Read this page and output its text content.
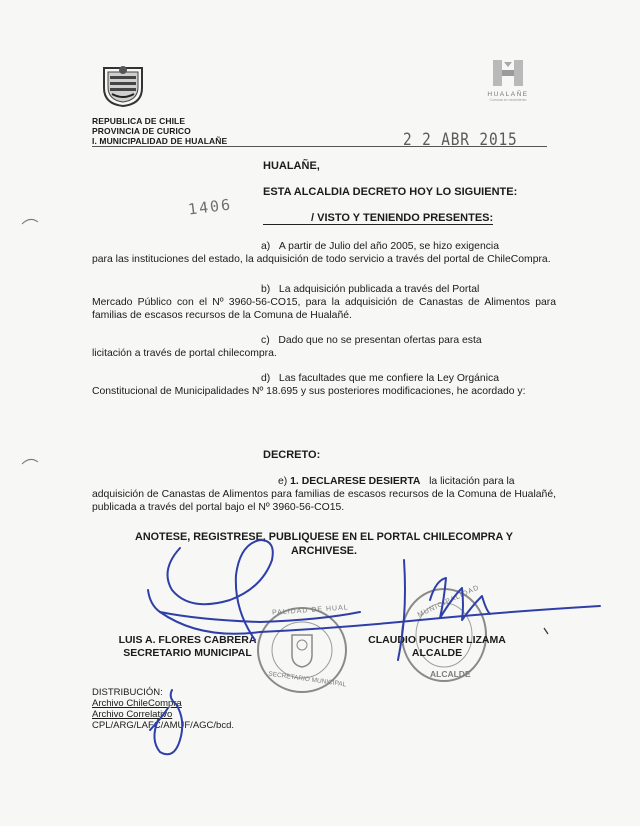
HUALAÑE
Comuna en movimiento
REPUBLICA DE CHILE
PROVINCIA DE CURICO
I. MUNICIPALIDAD DE HUALAÑE	2 2 ABR 2015
HUALAÑE,
ESTA ALCALDIA DECRETO HOY LO SIGUIENTE:
1406	/ VISTO Y TENIENDO PRESENTES:
a) A partir de Julio del año 2005, se hizo exigencia
para las instituciones del estado, la adquisición de todo servicio a través del portal de ChileCompra.
b) La adquisición publicada a través del Portal
Mercado Público con el Nº 3960-56-CO15, para la adquisición de Canastas de Alimentos para familias de escasos recursos de la Comuna de Hualañé.
c) Dado que no se presentan ofertas para esta
licitación a través de portal chilecompra.
d) Las facultades que me confiere la Ley Orgánica
Constitucional de Municipalidades Nº 18.695 y sus posteriores modificaciones, he acordado y:
DECRETO:
e) 1. DECLARESE DESIERTA la licitación para la
adquisición de Canastas de Alimentos para familias de escasos recursos de la Comuna de Hualañé, publicada a través del portal bajo el Nº 3960-56-CO15.
ANOTESE, REGISTRESE, PUBLIQUESE EN EL PORTAL CHILECOMPRA Y
ARCHIVESE.
PALIDAD DE HUAL
SECRETARIO MUNICIPAL
MUNICIPALIDAD
ALCALDE
LUIS A. FLORES CABRERA
SECRETARIO MUNICIPAL
CLAUDIO PUCHER LIZAMA
ALCALDE
DISTRIBUCIÓN:
Archivo ChileCompra
Archivo Correlativo
CPL/ARG/LAFC/AMUF/AGC/bcd.
